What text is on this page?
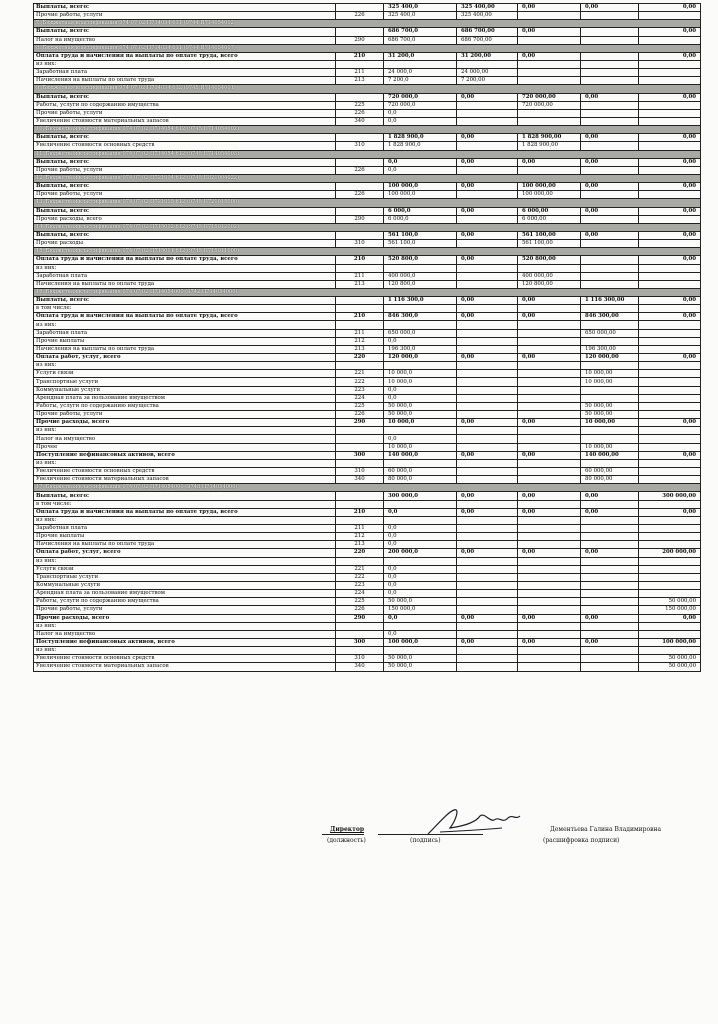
Выплаты, всего:		325 400,0	325 400,00	0,00	0,00	0,00
Прочие работы, услуги	226	325 400,0	325 400,00			
7. Бюджетная классификация 974 07 02 П714054 611 (9744 П714054002)						
Выплаты, всего:		686 700,0	686 700,00	0,00		0,00
Налог на имущество	290	686 700,0	686 700,00			
8. Бюджетная классификация 974 07 02 П714054 611 (9744 П714054007)						
Оплата труда и начисления на выплаты по оплате труда, всего	210	31 200,0	31 200,00	0,00		0,00
из них:						
Заработная плата	211	24 000,0	24 000,00			
Начисления на выплаты по оплате труда	213	7 200,0	7 200,00			
9. Бюджетная классификация 974 07 02 П714054 612 (9745 П714054001)						
Выплаты, всего:		720 000,0	0,00	720 000,00	0,00	0,00
Работы, услуги по содержанию имущества	225	720 000,0		720 000,00		
Прочие работы, услуги	226	0,0				
Увеличение стоимости материальных запасов	340	0,0				
10. Бюджетная классификация 974 07 02 П714054 612 (9745 П714054002)						
Выплаты, всего:		1 828 900,0	0,00	1 828 900,00	0,00	0,00
Увеличение стоимости основных средств	310	1 828 900,0		1 828 900,00		
11. Бюджетная классификация 974 07 02 П714054 612 (9745 П714054003)						
Выплаты, всего:		0,0	0,00	0,00	0,00	0,00
Прочие работы, услуги	226	0,0				
12. Бюджетная классификация 974 07 02 П721004 612 (9745 П821004022)						
Выплаты, всего:		100 000,0	0,00	100 000,00	0,00	0,00
Прочие работы, услуги	226	100 000,0		100 000,00		
13. Бюджетная классификация 974 07 02 П721015 612 (9745 П721015000)						
Выплаты, всего:		6 000,0	0,00	6 000,00	0,00	0,00
Прочие расходы, всего	290	6 000,0		6 000,00		
14. Бюджетная классификация 974 07 02 П715012 612 (9745 П715012002)						
Выплаты, всего:		561 100,0	0,00	561 100,00	0,00	0,00
Прочие расходы	310	561 100,0		561 100,00		
15. Бюджетная классификация 974 07 02 П715011 612 (9745 П715011000)						
Оплата труда и начисления на выплаты по оплате труда, всего	210	520 800,0	0,00	520 800,00		0,00
из них:						
Заработная плата	211	400 000,0		400 000,00		
Начисления на выплаты по оплате труда	213	120 800,0		120 800,00		
16. Бюджетная классификация 974 07 02 П714054000 (9742 П714054000)						
Выплаты, всего:		1 116 300,0	0,00	0,00	1 116 300,00	0,00
в том числе:						
Оплата труда и начисления на выплаты по оплате труда, всего	210	846 300,0	0,00	0,00	846 300,00	0,00
из них:						
Заработная плата	211	650 000,0			650 000,00	
Прочие выплаты	212	0,0				
Начисления на выплаты по оплате труда	213	196 300,0			196 300,00	
Оплата работ, услуг, всего	220	120 000,0	0,00	0,00	120 000,00	0,00
из них:						
Услуги связи	221	10 000,0			10 000,00	
Транспортные услуги	222	10 000,0			10 000,00	
Коммунальные услуги	223	0,0				
Арендная плата за пользование имуществом	224	0,0				
Работы, услуги по содержанию имущества	225	50 000,0			50 000,00	
Прочие работы, услуги	226	50 000,0			50 000,00	
Прочие расходы, всего	290	10 000,0	0,00	0,00	10 000,00	0,00
из них:						
Налог на имущество		0,0				
Прочее		10 000,0			10 000,00	
Поступление нефинансовых активов, всего	300	140 000,0	0,00	0,00	140 000,00	0,00
из них:						
Увеличение стоимости основных средств	310	60 000,0			60 000,00	
Увеличение стоимости материальных запасов	340	80 000,0			80 000,00	
17. Бюджетная классификация 974 07 02 П714054000 (9748 П714054000)						
Выплаты, всего:		300 000,0	0,00	0,00	0,00	300 000,00
в том числе:						
Оплата труда и начисления на выплаты по оплате труда, всего	210	0,0	0,00	0,00	0,00	0,00
из них:						
Заработная плата	211	0,0				
Прочие выплаты	212	0,0				
Начисления на выплаты по оплате труда	213	0,0				
Оплата работ, услуг, всего	220	200 000,0	0,00	0,00	0,00	200 000,00
из них:						
Услуги связи	221	0,0				
Транспортные услуги	222	0,0				
Коммунальные услуги	223	0,0				
Арендная плата за пользование имуществом	224	0,0				
Работы, услуги по содержанию имущества	225	50 000,0				50 000,00
Прочие работы, услуги	226	150 000,0				150 000,00
Прочие расходы, всего	290	0,0	0,00	0,00	0,00	0,00
из них:						
Налог на имущество		0,0				
Поступление нефинансовых активов, всего	300	100 000,0	0,00	0,00	0,00	100 000,00
из них:						
Увеличение стоимости основных средств	310	50 000,0				50 000,00
Увеличение стоимости материальных запасов	340	50 000,0				50 000,00
Директор
(должность)	(подпись)
Дементьева Галина Владимировна
(расшифровка подписи)
